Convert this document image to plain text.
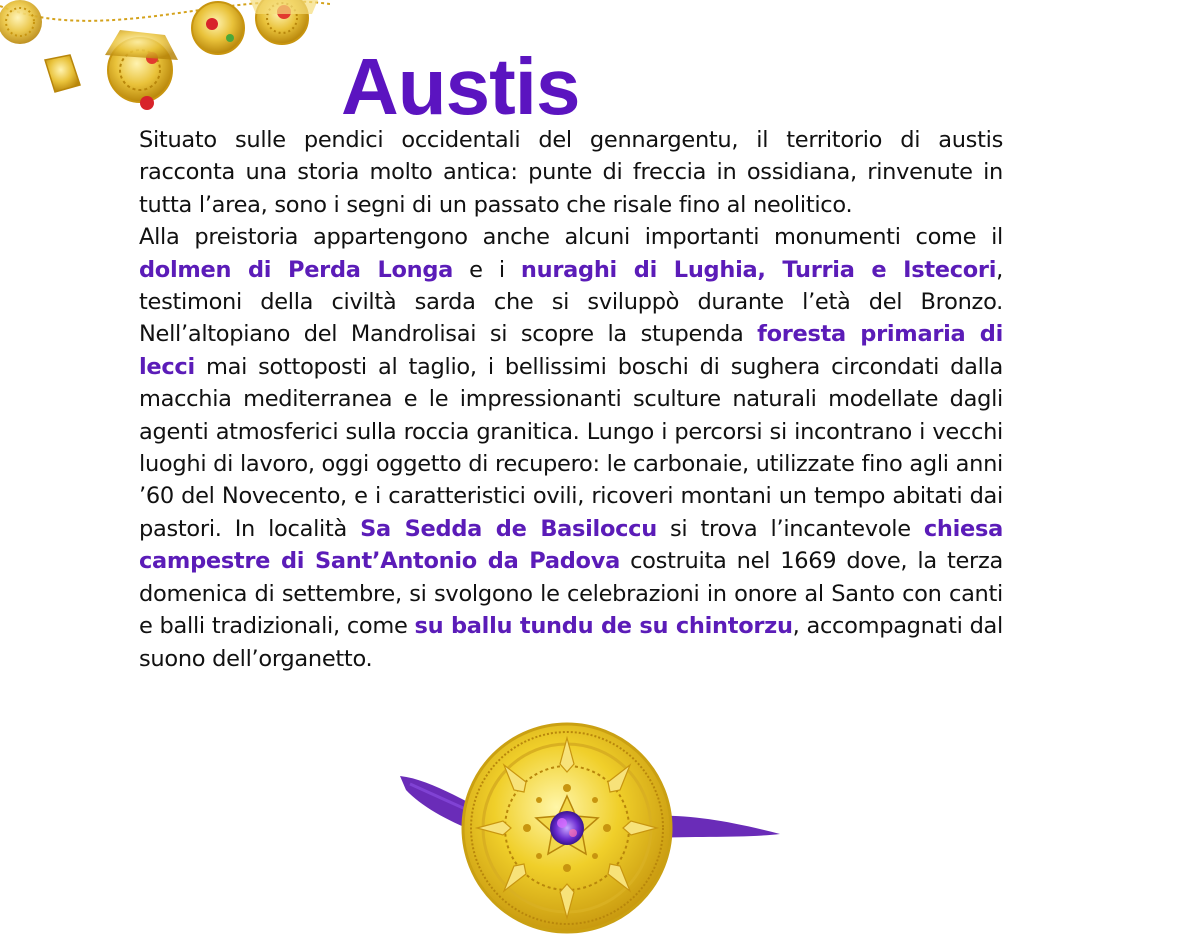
Austis

Situato sulle pendici occidentali del gennargentu, il territorio di austis racconta una storia molto antica: punte di freccia in ossidiana, rinvenute in tutta l’area, sono i segni di un passato che risale fino al neolitico.

Alla preistoria appartengono anche alcuni importanti monumenti come il dolmen di Perda Longa e i nuraghi di Lughia, Turria e Istecori, testimoni della civiltà sarda che si sviluppò durante l’età del Bronzo. Nell’altopiano del Mandrolisai si scopre la stupenda foresta primaria di lecci mai sottoposti al taglio, i bellissimi boschi di sughera circondati dalla macchia mediterranea e le impressionanti sculture naturali modellate dagli agenti atmosferici sulla roccia granitica. Lungo i percorsi si incontrano i vecchi luoghi di lavoro, oggi oggetto di recupero: le carbonaie, utilizzate fino agli anni ’60 del Novecento, e i caratteristici ovili, ricoveri montani un tempo abitati dai pastori. In località Sa Sedda de Basiloccu si trova l’incantevole chiesa campestre di Sant’Antonio da Padova costruita nel 1669 dove, la terza domenica di settembre, si svolgono le celebrazioni in onore al Santo con canti e balli tradizionali, come su ballu tundu de su chintorzu, accompagnati dal suono dell’organetto.
